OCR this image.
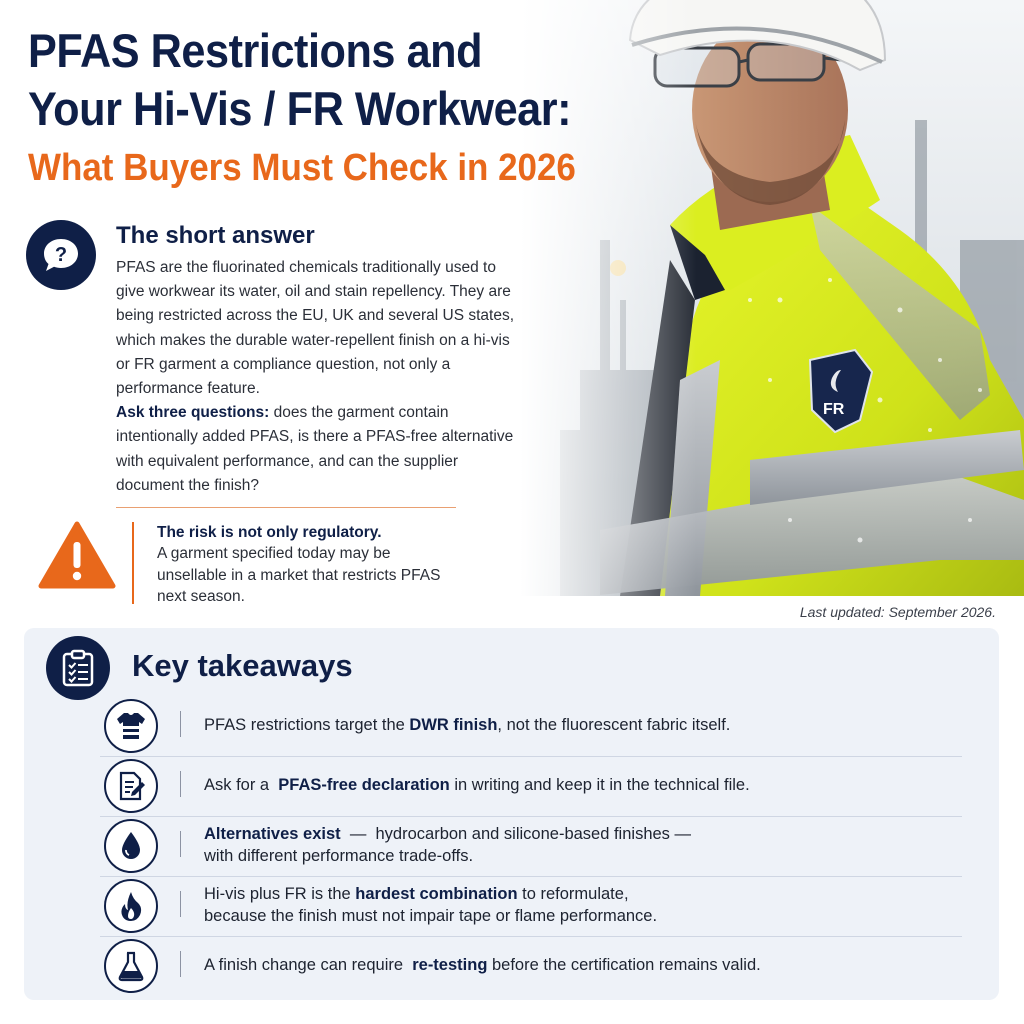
PFAS Restrictions and
Your Hi-Vis / FR Workwear:
What Buyers Must Check in 2026
?
The short answer

PFAS are the fluorinated chemicals traditionally used to give workwear its water, oil and stain repellency. They are being restricted across the EU, UK and several US states, which makes the durable water-repellent finish on a hi-vis or FR garment a compliance question, not only a performance feature.

Ask three questions: does the garment contain intentionally added PFAS, is there a PFAS-free alternative with equivalent performance, and can the supplier document the finish?

The risk is not only regulatory.
A garment specified today may be unsellable in a market that restricts PFAS next season.
Last updated: September 2026.
Key takeaways
PFAS restrictions target the DWR finish, not the fluorescent fabric itself.
Ask for a  PFAS-free declaration in writing and keep it in the technical file.
Alternatives exist  —  hydrocarbon and silicone-based finishes —
with different performance trade-offs.
Hi-vis plus FR is the hardest combination to reformulate,
because the finish must not impair tape or flame performance.
A finish change can require  re-testing before the certification remains valid.
